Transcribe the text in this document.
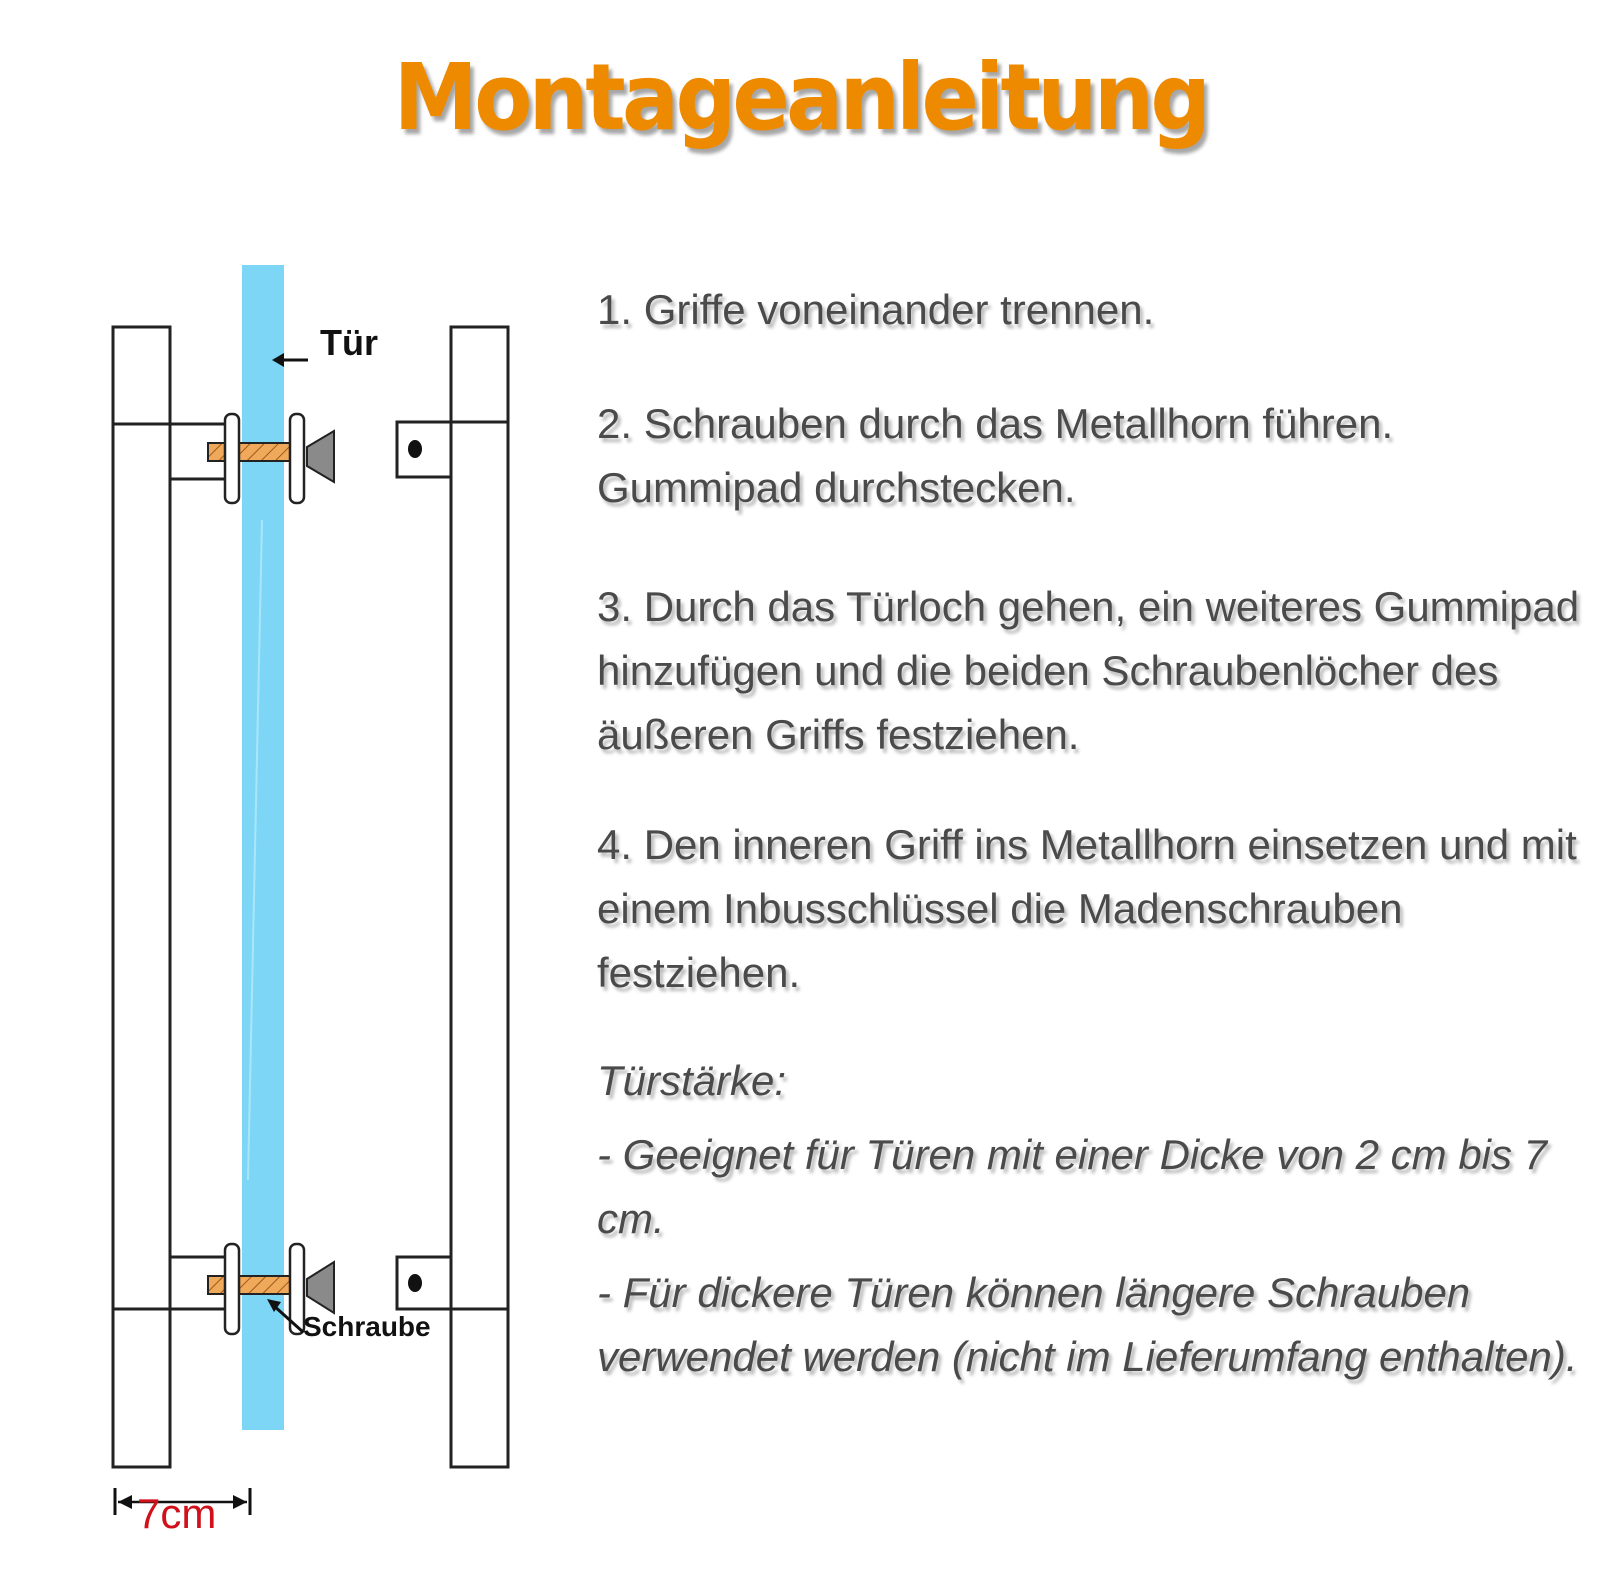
Montageanleitung
Tür
Schraube
7cm

1. Griffe voneinander trennen.

2. Schrauben durch das Metallhorn führen. Gummipad durchstecken.

3. Durch das Türloch gehen, ein weiteres Gummipad hinzufügen und die beiden Schraubenlöcher des äußeren Griffs festziehen.

4. Den inneren Griff ins Metallhorn einsetzen und mit einem Inbusschlüssel die Madenschrauben festziehen.

Türstärke:

- Geeignet für Türen mit einer Dicke von 2 cm bis 7 cm.

- Für dickere Türen können längere Schrauben verwendet werden (nicht im Lieferumfang enthalten).
